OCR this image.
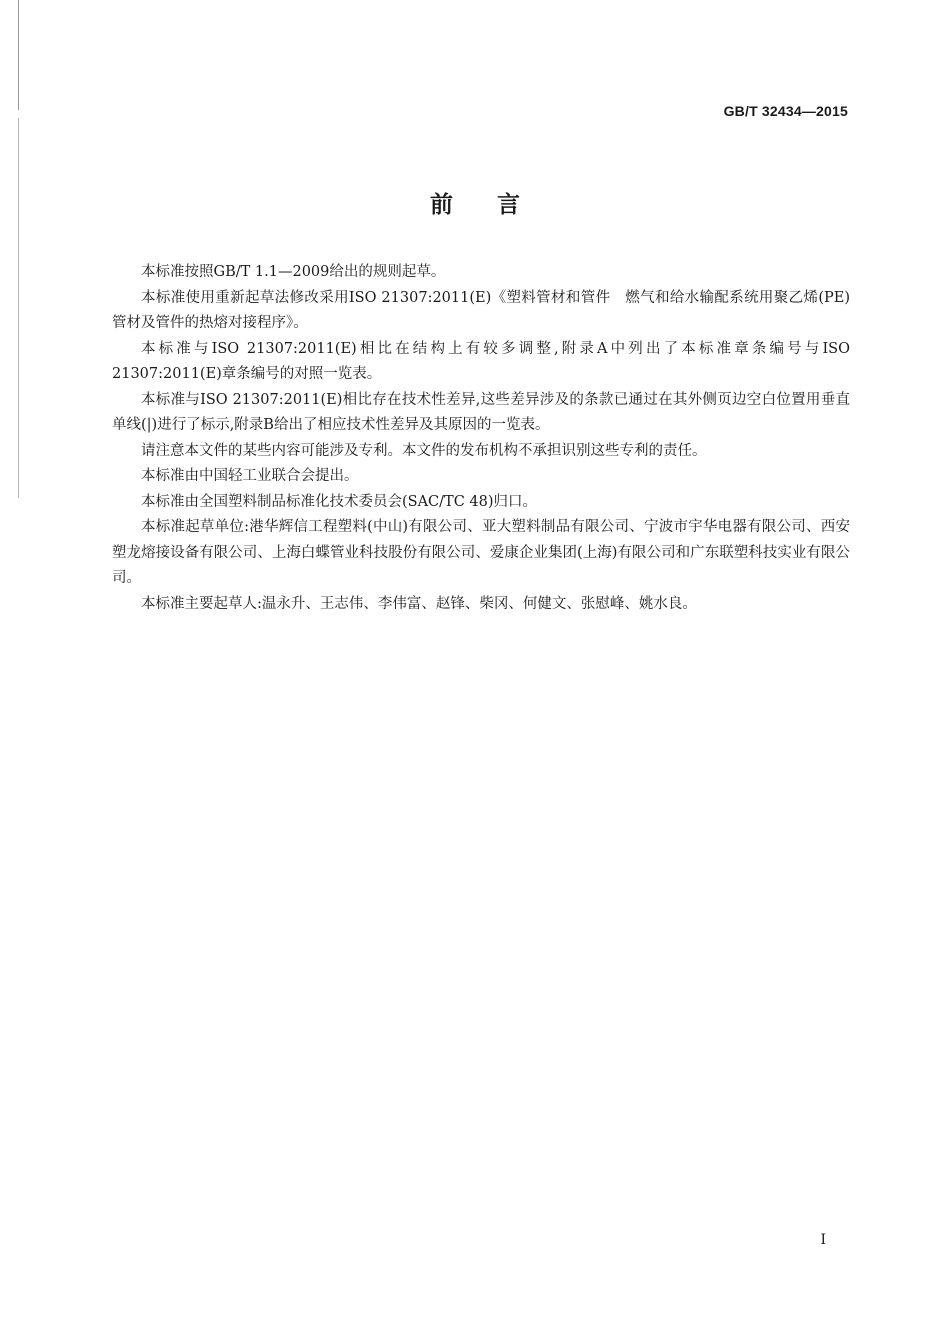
GB/T 32434—2015
前言

本标准按照GB/T 1.1—2009给出的规则起草。

本标准使用重新起草法修改采用ISO 21307:2011(E)《塑料管材和管件　燃气和给水输配系统用聚乙烯(PE)管材及管件的热熔对接程序》。

本标准与ISO 21307:2011(E)相比在结构上有较多调整,附录A中列出了本标准章条编号与ISO 21307:2011(E)章条编号的对照一览表。

本标准与ISO 21307:2011(E)相比存在技术性差异,这些差异涉及的条款已通过在其外侧页边空白位置用垂直单线(|)进行了标示,附录B给出了相应技术性差异及其原因的一览表。

请注意本文件的某些内容可能涉及专利。本文件的发布机构不承担识别这些专利的责任。

本标准由中国轻工业联合会提出。

本标准由全国塑料制品标准化技术委员会(SAC/TC 48)归口。

本标准起草单位:港华辉信工程塑料(中山)有限公司、亚大塑料制品有限公司、宁波市宇华电器有限公司、西安塑龙熔接设备有限公司、上海白蝶管业科技股份有限公司、爱康企业集团(上海)有限公司和广东联塑科技实业有限公司。

本标准主要起草人:温永升、王志伟、李伟富、赵锋、柴冈、何健文、张慰峰、姚水良。

I
